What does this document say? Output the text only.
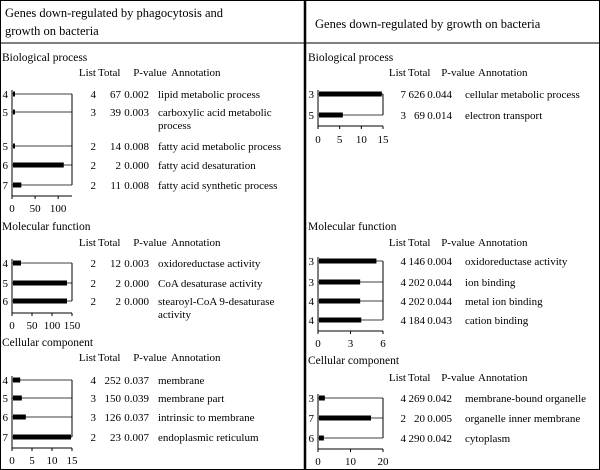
Genes down-regulated by phagocytosis and
growth on bacteria
Biological process
List Total P-value Annotation
0 50 100
4	4 67 0.002 lipid metabolic process
5	3 39 0.003 carboxylic acid metabolic
process
5	2 14 0.008 fatty acid metabolic process
6	2 2 0.000 fatty acid desaturation
7	2 11 0.008 fatty acid synthetic process
Molecular function
List Total P-value Annotation
0 50 100 150
4	2 12 0.003 oxidoreductase activity
5	2 2 0.000 CoA desaturase activity
6	2 2 0.000 stearoyl-CoA 9-desaturase
activity
Cellular component
List Total P-value Annotation
0 5 10 15
4	4 252 0.037 membrane
5	3 150 0.039 membrane part
6	3 126 0.037 intrinsic to membrane
7	2 23 0.007 endoplasmic reticulum
Genes down-regulated by growth on bacteria
Biological process
List Total P-value Annotation
0 5 10 15
3	7 626 0.044 cellular metabolic process
5	3 69 0.014 electron transport
Molecular function
List Total P-value Annotation
0 3 6
3	4 146 0.004 oxidoreductase activity
3	4 202 0.044 ion binding
4	4 202 0.044 metal ion binding
4	4 184 0.043 cation binding
Cellular component
List Total P-value Annotation
0 10 20
3	4 269 0.042 membrane-bound organelle
7	2 20 0.005 organelle inner membrane
6	4 290 0.042 cytoplasm
